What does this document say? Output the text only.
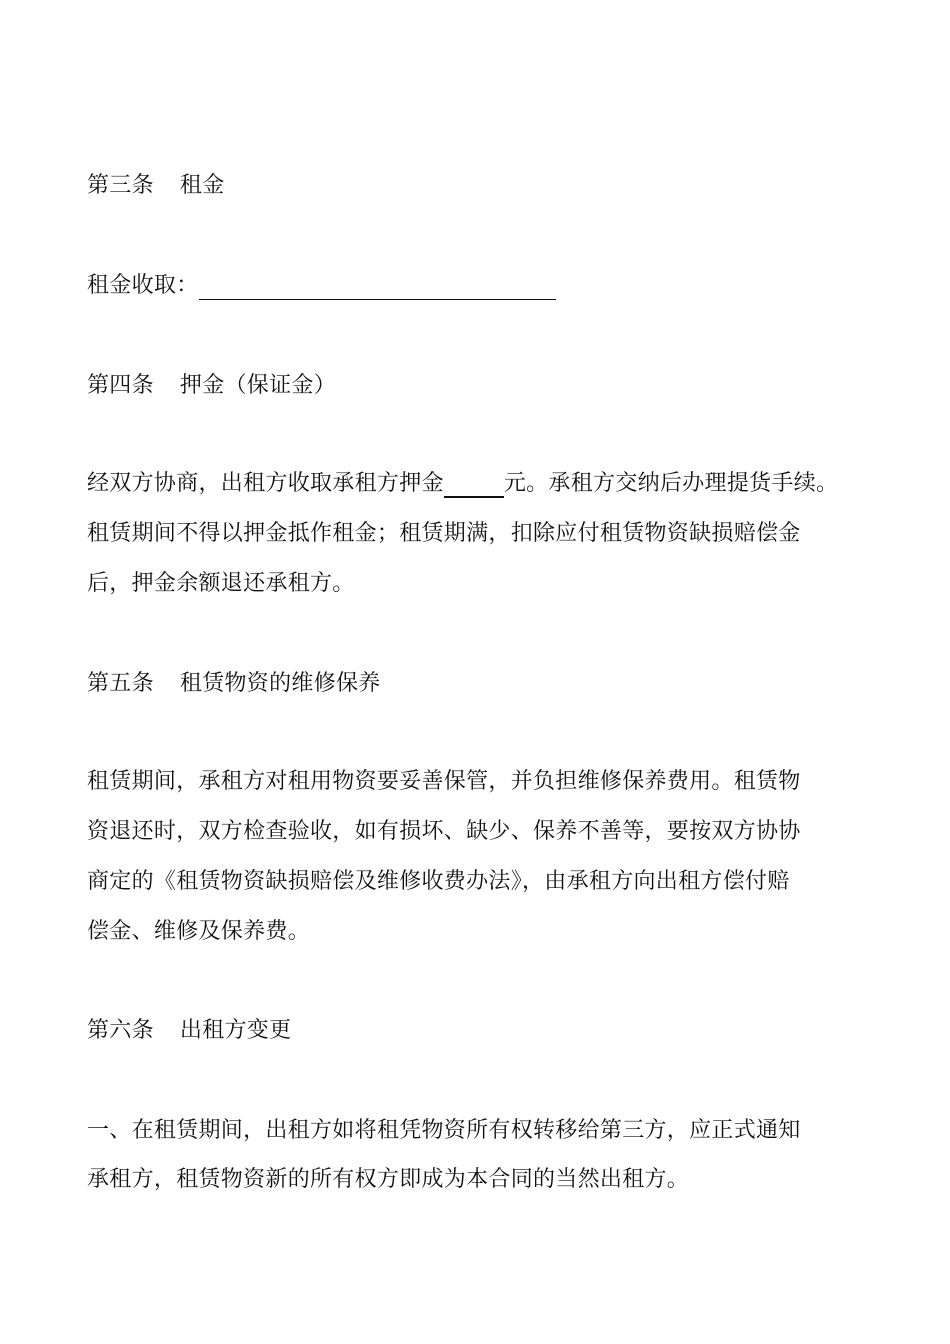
第三条 租金
租金收取：
第四条 押金（保证金）
经双方协商，出租方收取承租方押金	元。承租方交纳后办理提货手续。
租赁期间不得以押金抵作租金；租赁期满，扣除应付租赁物资缺损赔偿金
后，押金余额退还承租方。
第五条 租赁物资的维修保养
租赁期间，承租方对租用物资要妥善保管，并负担维修保养费用。租赁物
资退还时，双方检查验收，如有损坏、缺少、保养不善等，要按双方协协
商定的《租赁物资缺损赔偿及维修收费办法》，由承租方向出租方偿付赔
偿金、维修及保养费。
第六条 出租方变更
一、在租赁期间，出租方如将租凭物资所有权转移给第三方，应正式通知
承租方，租赁物资新的所有权方即成为本合同的当然出租方。
